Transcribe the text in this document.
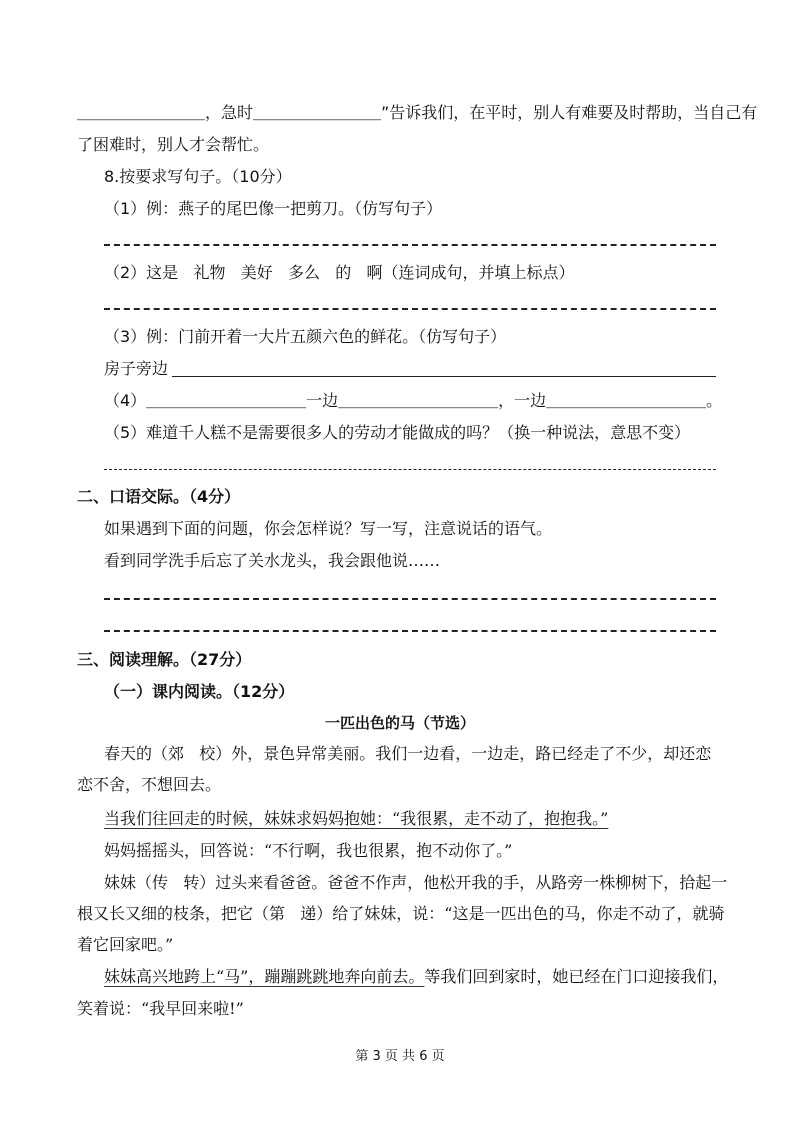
＿＿＿＿＿＿＿＿，急时＿＿＿＿＿＿＿＿”告诉我们，在平时，别人有难要及时帮助，当自己有
了困难时，别人才会帮忙。
8.按要求写句子。（10分）
（1）例：燕子的尾巴像一把剪刀。（仿写句子）
（2）这是   礼物   美好   多么   的   啊（连词成句，并填上标点）
（3）例：门前开着一大片五颜六色的鲜花。（仿写句子）
房子旁边
（4）＿＿＿＿＿＿＿＿＿＿一边＿＿＿＿＿＿＿＿＿＿，一边＿＿＿＿＿＿＿＿＿＿。
（5）难道千人糕不是需要很多人的劳动才能做成的吗？（换一种说法，意思不变）
二、口语交际。（4分）
如果遇到下面的问题，你会怎样说？写一写，注意说话的语气。
看到同学洗手后忘了关水龙头，我会跟他说……
三、阅读理解。（27分）
（一）课内阅读。（12分）
一匹出色的马（节选）
春天的（郊   校）外，景色异常美丽。我们一边看，一边走，路已经走了不少，却还恋
恋不舍，不想回去。
当我们往回走的时候，妹妹求妈妈抱她：“我很累，走不动了，抱抱我。”
妈妈摇摇头，回答说：“不行啊，我也很累，抱不动你了。”
妹妹（传   转）过头来看爸爸。爸爸不作声，他松开我的手，从路旁一株柳树下，拾起一
根又长又细的枝条，把它（第   递）给了妹妹，说：“这是一匹出色的马，你走不动了，就骑
着它回家吧。”
妹妹高兴地跨上“马”，蹦蹦跳跳地奔向前去。等我们回到家时，她已经在门口迎接我们，
笑着说：“我早回来啦!”
第 3 页 共 6 页
